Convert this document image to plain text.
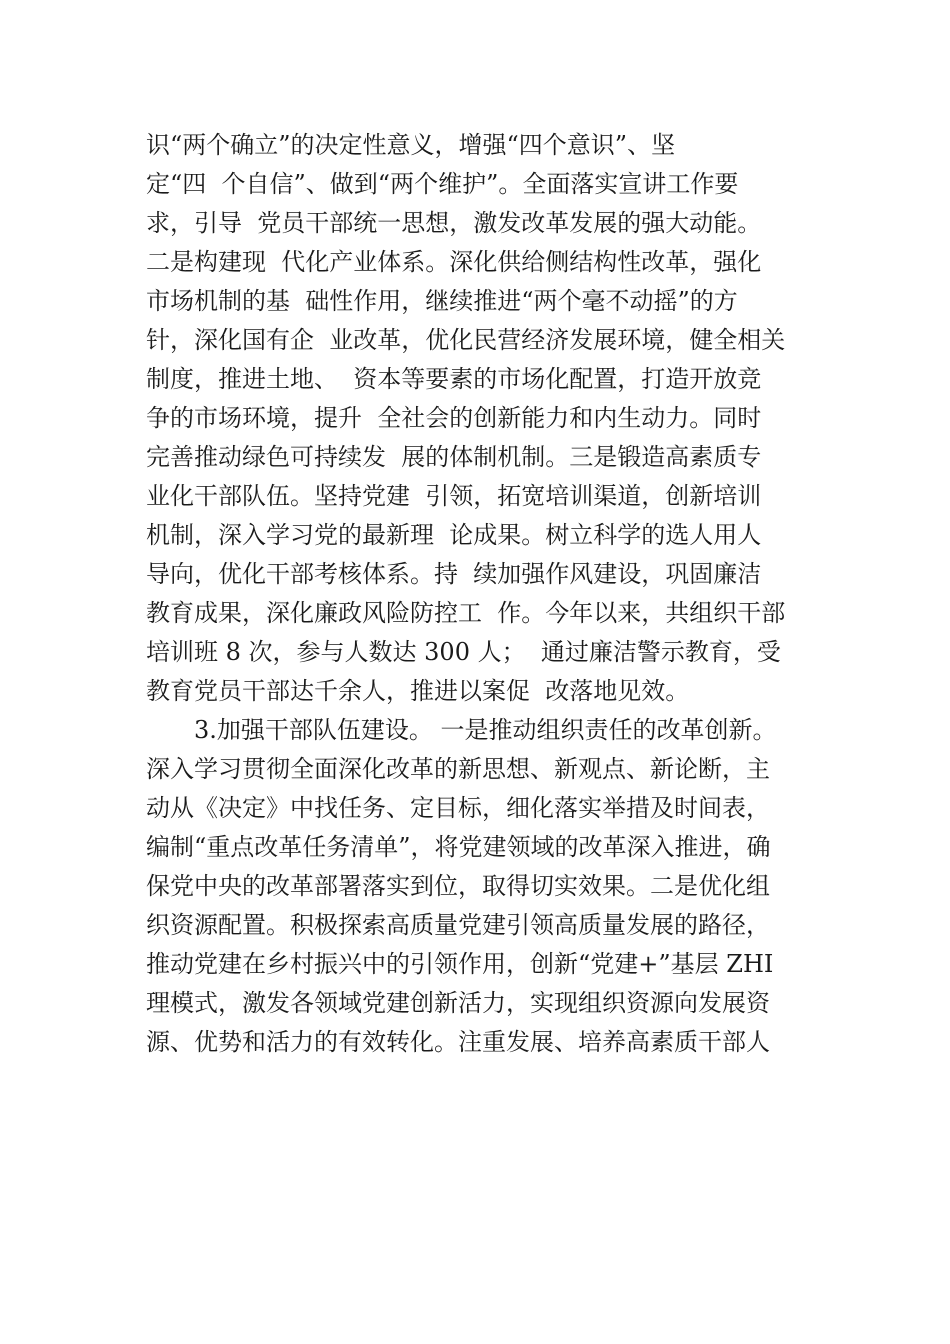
识“两个确立”的决定性意义，增强“四个意识”、坚
定“四  个自信”、做到“两个维护”。全面落实宣讲工作要
求，引导  党员干部统一思想，激发改革发展的强大动能。
二是构建现  代化产业体系。深化供给侧结构性改革，强化
市场机制的基  础性作用，继续推进“两个毫不动摇”的方
针，深化国有企  业改革，优化民营经济发展环境，健全相关
制度，推进土地、  资本等要素的市场化配置，打造开放竞
争的市场环境，提升  全社会的创新能力和内生动力。同时
完善推动绿色可持续发  展的体制机制。三是锻造高素质专
业化干部队伍。坚持党建  引领，拓宽培训渠道，创新培训
机制，深入学习党的最新理  论成果。树立科学的选人用人
导向，优化干部考核体系。持  续加强作风建设，巩固廉洁
教育成果，深化廉政风险防控工  作。今年以来，共组织干部
培训班 8 次，参与人数达 300 人；  通过廉洁警示教育，受
教育党员干部达千余人，推进以案促  改落地见效。
3.加强干部队伍建设。 一是推动组织责任的改革创新。
深入学习贯彻全面深化改革的新思想、新观点、新论断，主
动从《决定》中找任务、定目标，细化落实举措及时间表，
编制“重点改革任务清单”，将党建领域的改革深入推进，确
保党中央的改革部署落实到位，取得切实效果。二是优化组
织资源配置。积极探索高质量党建引领高质量发展的路径，
推动党建在乡村振兴中的引领作用，创新“党建+”基层 ZHI
理模式，激发各领域党建创新活力，实现组织资源向发展资
源、优势和活力的有效转化。注重发展、培养高素质干部人
